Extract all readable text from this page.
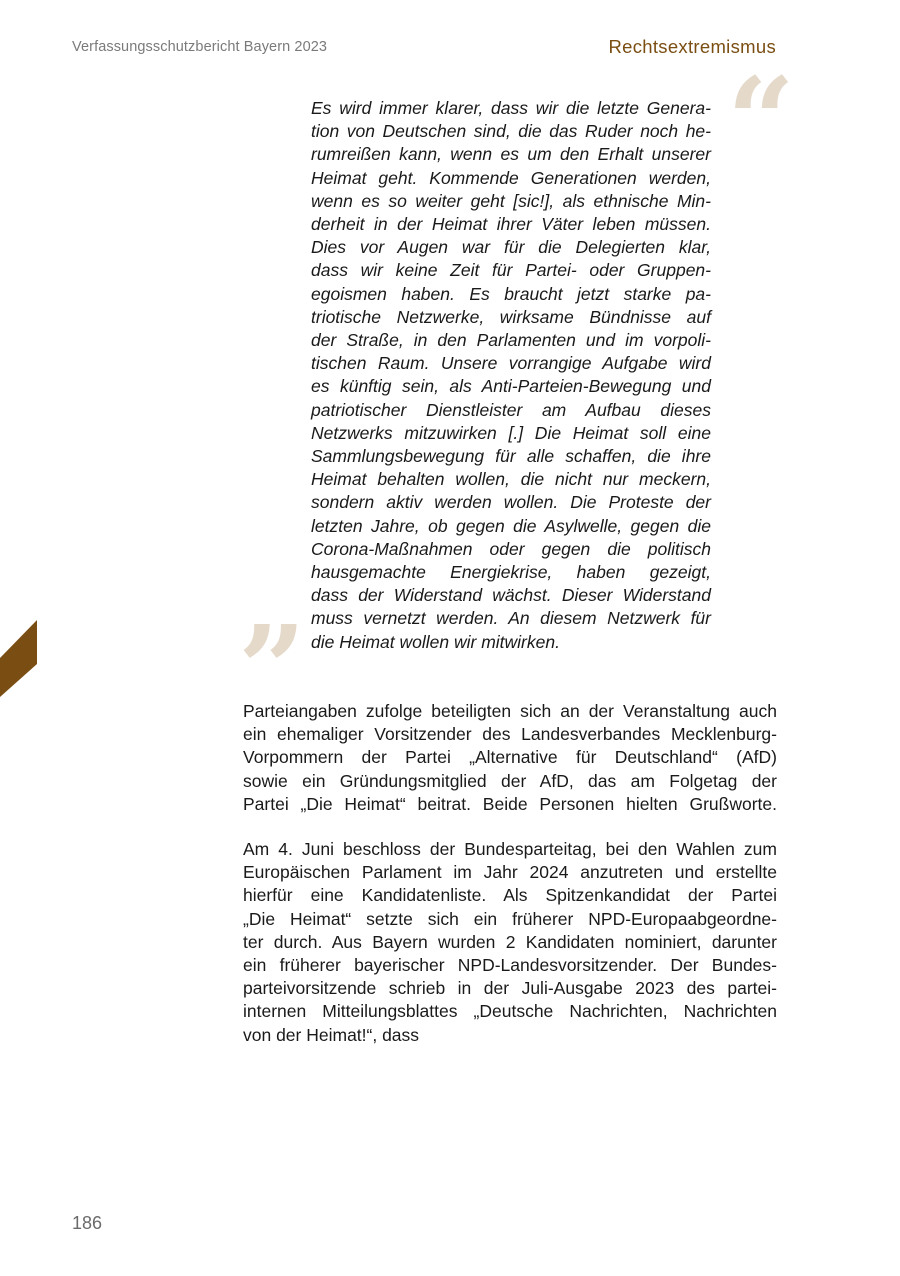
Verfassungsschutzbericht Bayern 2023	Rechtsextremismus
“
Es wird immer klarer, dass wir die letzte Genera-
tion von Deutschen sind, die das Ruder noch he-
rumreißen kann, wenn es um den Erhalt unserer
Heimat geht. Kommende Generationen werden,
wenn es so weiter geht [sic!], als ethnische Min-
derheit in der Heimat ihrer Väter leben müssen.
Dies vor Augen war für die Delegierten klar,
dass wir keine Zeit für Partei- oder Gruppen-
egoismen haben. Es braucht jetzt starke pa-
triotische Netzwerke, wirksame Bündnisse auf
der Straße, in den Parlamenten und im vorpoli-
tischen Raum. Unsere vorrangige Aufgabe wird
es künftig sein, als Anti-Parteien-Bewegung und
patriotischer Dienstleister am Aufbau dieses
Netzwerks mitzuwirken [.] Die Heimat soll eine
Sammlungsbewegung für alle schaffen, die ihre
Heimat behalten wollen, die nicht nur meckern,
sondern aktiv werden wollen. Die Proteste der
letzten Jahre, ob gegen die Asylwelle, gegen die
Corona-Maßnahmen oder gegen die politisch
hausgemachte Energiekrise, haben gezeigt,
dass der Widerstand wächst. Dieser Widerstand
muss vernetzt werden. An diesem Netzwerk für
die Heimat wollen wir mitwirken.
”
Parteiangaben zufolge beteiligten sich an der Veranstaltung auch
ein ehemaliger Vorsitzender des Landesverbandes Mecklenburg-
Vorpommern der Partei „Alternative für Deutschland“ (AfD)
sowie ein Gründungsmitglied der AfD, das am Folgetag der
Partei „Die Heimat“ beitrat. Beide Personen hielten Grußworte.
Am 4. Juni beschloss der Bundesparteitag, bei den Wahlen zum
Europäischen Parlament im Jahr 2024 anzutreten und erstellte
hierfür eine Kandidatenliste. Als Spitzenkandidat der Partei
„Die Heimat“ setzte sich ein früherer NPD-Europaabgeordne-
ter durch. Aus Bayern wurden 2 Kandidaten nominiert, darunter
ein früherer bayerischer NPD-Landesvorsitzender. Der Bundes-
parteivorsitzende schrieb in der Juli-Ausgabe 2023 des partei-
internen Mitteilungsblattes „Deutsche Nachrichten, Nachrichten
von der Heimat!“, dass
186
